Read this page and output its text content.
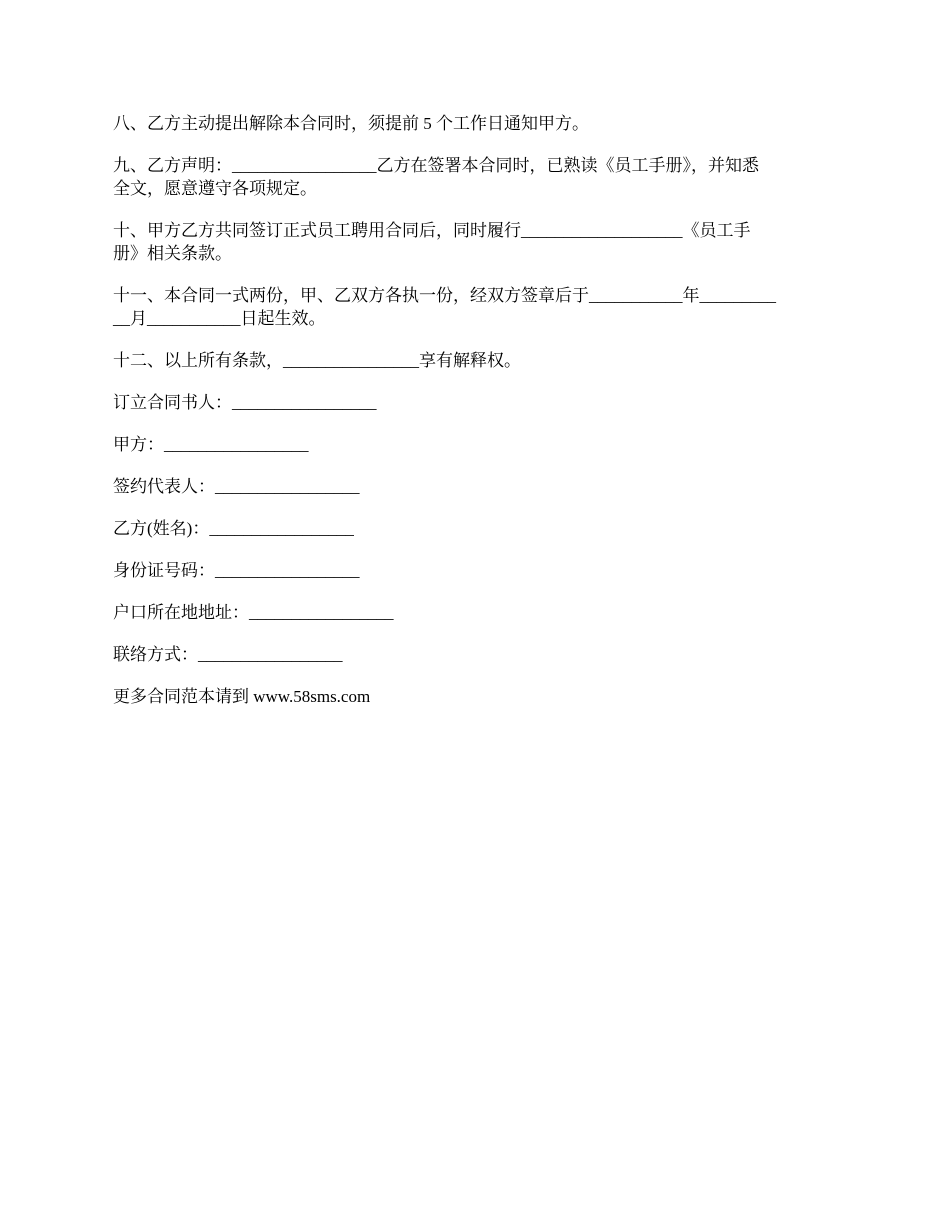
八、乙方主动提出解除本合同时，须提前 5 个工作日通知甲方。
九、乙方声明：_________________乙方在签署本合同时，已熟读《员工手册》，并知悉
全文，愿意遵守各项规定。
十、甲方乙方共同签订正式员工聘用合同后，同时履行___________________《员工手
册》相关条款。
十一、本合同一式两份，甲、乙双方各执一份，经双方签章后于___________年_________
__月___________日起生效。
十二、以上所有条款，________________享有解释权。
订立合同书人：_________________
甲方：_________________
签约代表人：_________________
乙方(姓名)：_________________
身份证号码：_________________
户口所在地地址：_________________
联络方式：_________________
更多合同范本请到 www.58sms.com
